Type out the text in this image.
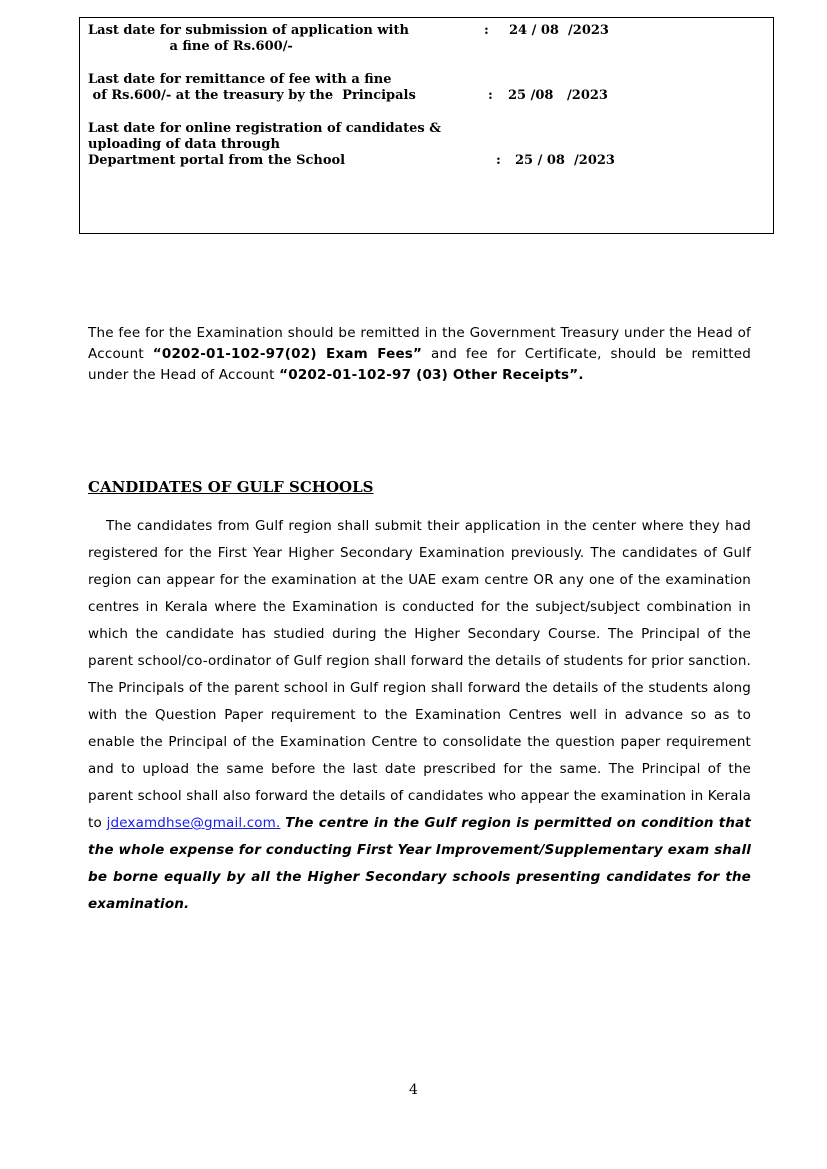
Last date for submission of application with
a fine of Rs.600/-

:

24 / 08  /2023

Last date for remittance of fee with a fine
of Rs.600/- at the treasury by the  Principals

	:

25 /08   /2023

Last date for online registration of candidates &
uploading of data through
Department portal from the School

	:

25 / 08  /2023

The fee for the Examination should be remitted in the Government Treasury under the Head of Account “0202-01-102-97(02) Exam Fees” and fee for Certificate, should be remitted under the Head of Account “0202-01-102-97 (03) Other Receipts”.

CANDIDATES OF GULF SCHOOLS

The candidates from Gulf region shall submit their application in the center where they had registered for the First Year Higher Secondary Examination previously. The candidates of Gulf region can appear for the examination at the UAE exam centre OR any one of the examination centres in Kerala where the Examination is conducted for the subject/subject combination in which the candidate has studied during the Higher Secondary Course. The Principal of the parent school/co-ordinator of Gulf region shall forward the details of students for prior sanction. The Principals of the parent school in Gulf region shall forward the details of the students along with the Question Paper requirement to the Examination Centres well in advance so as to enable the Principal of the Examination Centre to consolidate the question paper requirement and to upload the same before the last date prescribed for the same. The Principal of the parent school shall also forward the details of candidates who appear the examination in Kerala to jdexamdhse@gmail.com. The centre in the Gulf region is permitted on condition that the whole expense for conducting First Year Improvement/Supplementary exam shall be borne equally by all the Higher Secondary schools presenting candidates for the examination.

4
